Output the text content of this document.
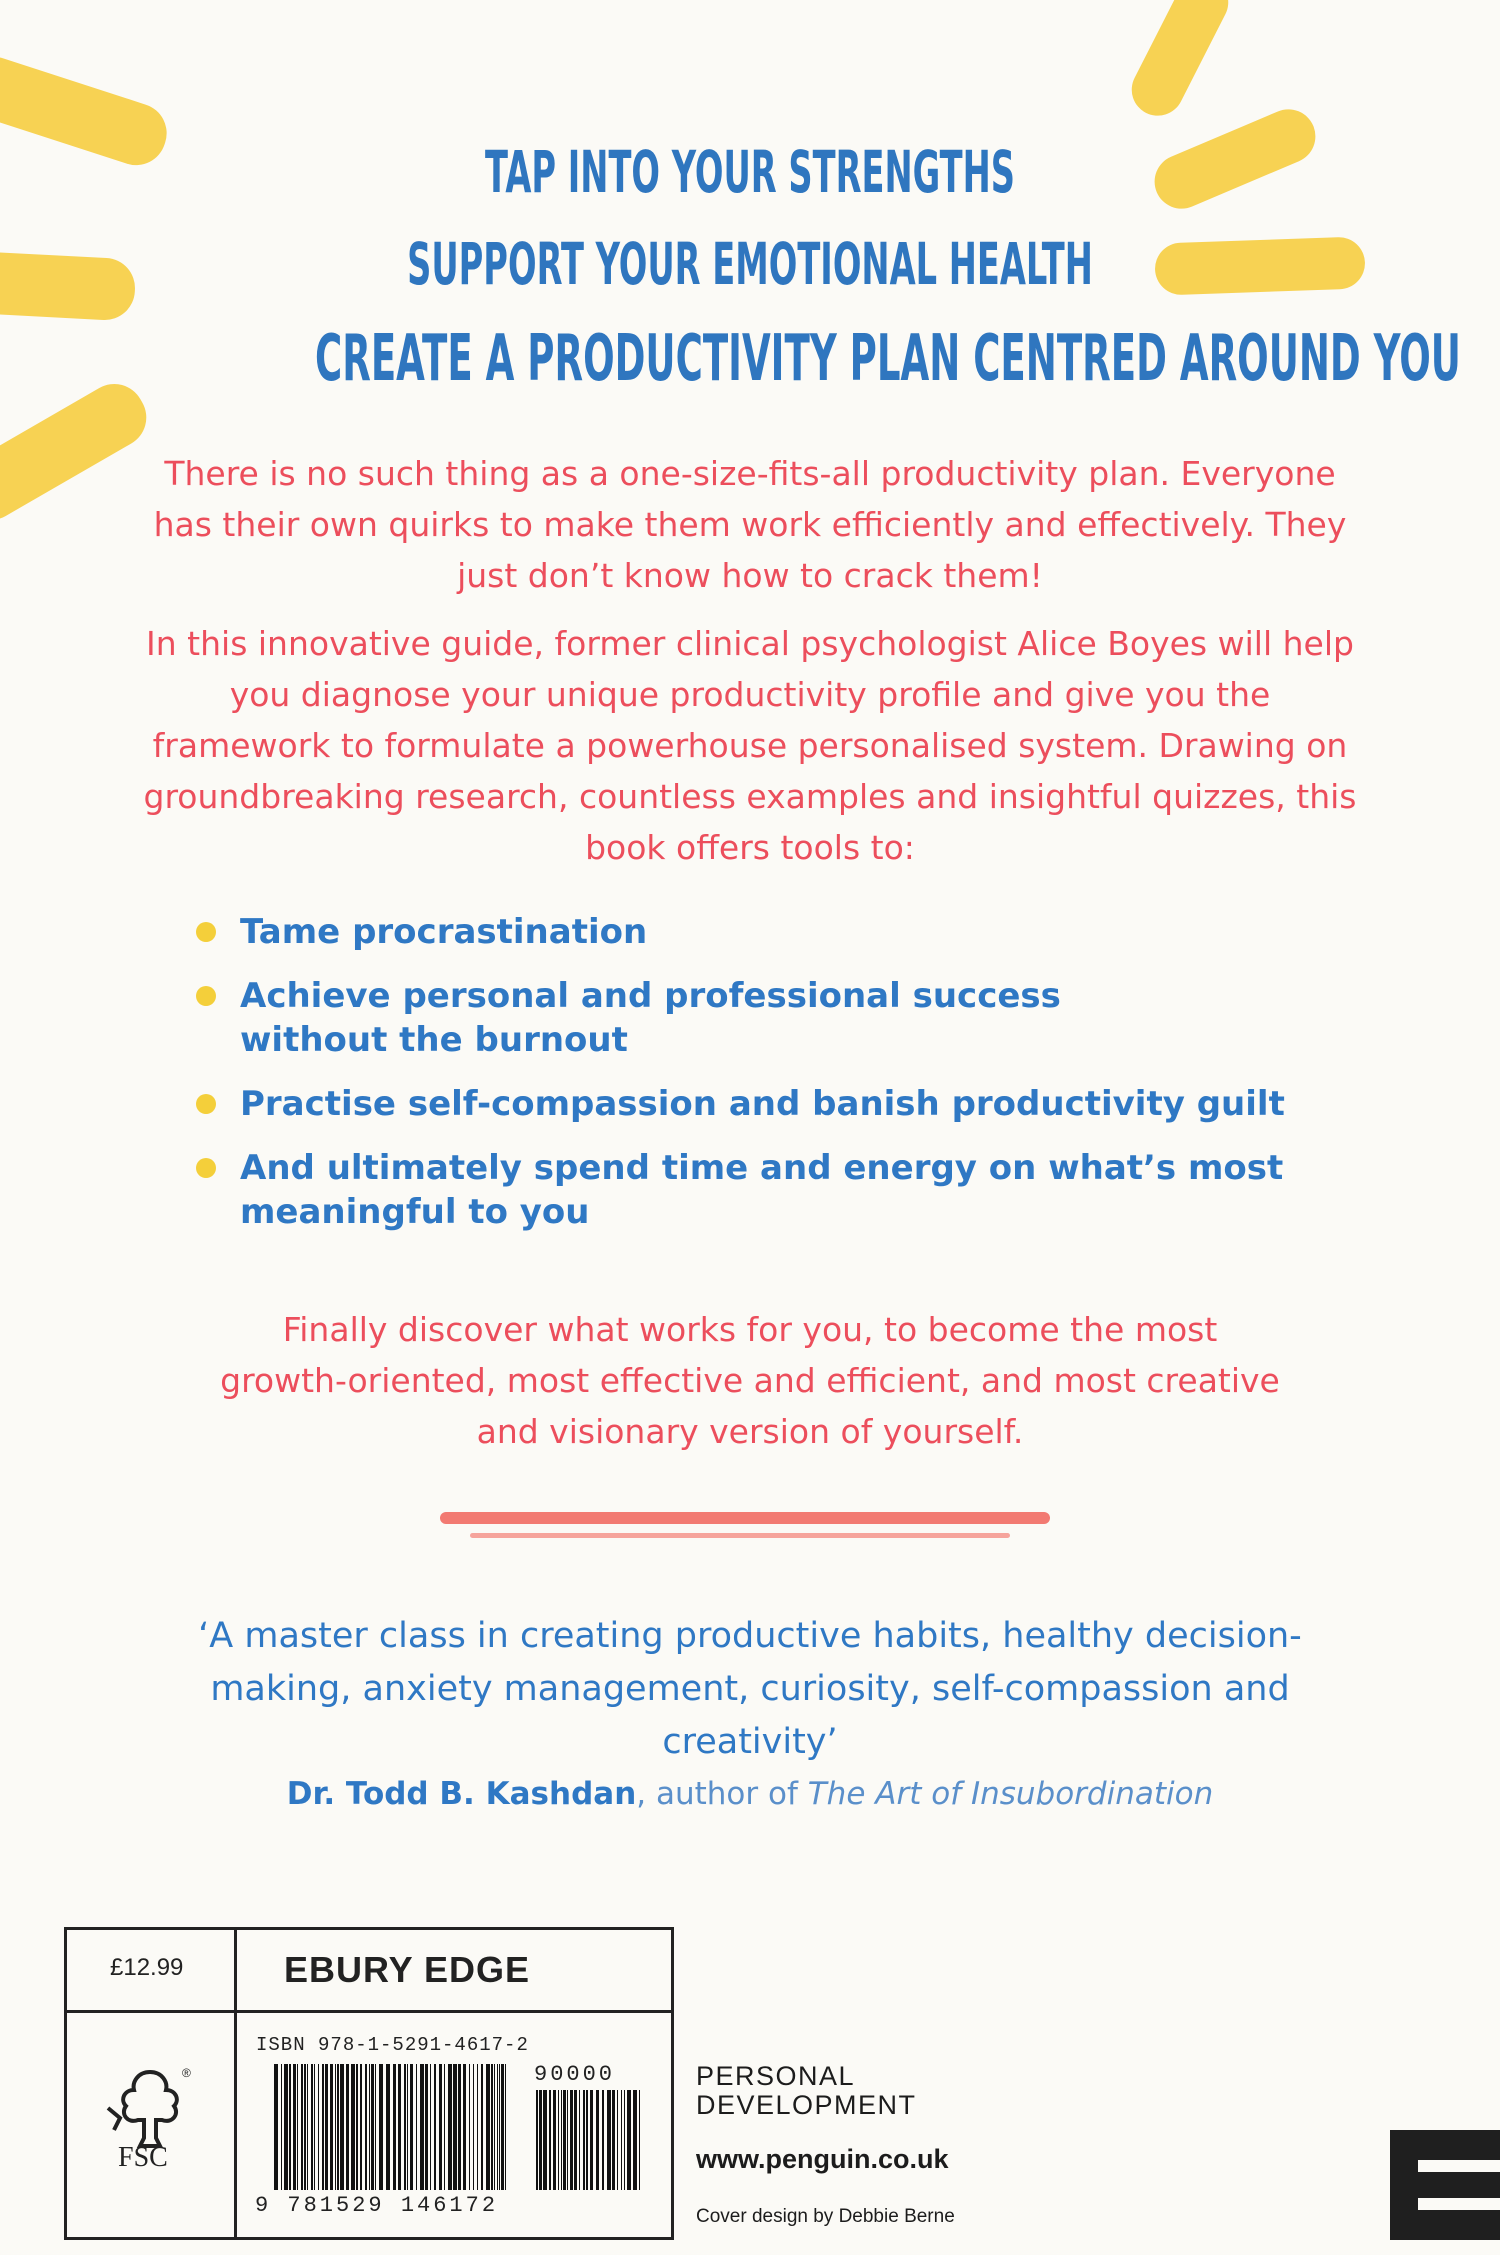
TAP INTO YOUR STRENGTHS
SUPPORT YOUR EMOTIONAL HEALTH
CREATE A PRODUCTIVITY PLAN CENTRED AROUND YOU
There is no such thing as a one-size-fits-all productivity plan. Everyone has their own quirks to make them work efficiently and effectively. They just don’t know how to crack them!
In this innovative guide, former clinical psychologist Alice Boyes will help you diagnose your unique productivity profile and give you the framework to formulate a powerhouse personalised system. Drawing on groundbreaking research, countless examples and insightful quizzes, this book offers tools to:
Tame procrastination
Achieve personal and professional success without the burnout
Practise self-compassion and banish productivity guilt
And ultimately spend time and energy on what’s most meaningful to you
Finally discover what works for you, to become the most growth-oriented, most effective and efficient, and most creative and visionary version of yourself.
‘A master class in creating productive habits, healthy decision-making, anxiety management, curiosity, self-compassion and creativity’
Dr. Todd B. Kashdan, author of The Art of Insubordination
£12.99	EBURY EDGE
®
FSC
ISBN 978-1-5291-4617-2
9 781529 146172
90000	PERSONAL
DEVELOPMENT
www.penguin.co.uk
Cover design by Debbie Berne
